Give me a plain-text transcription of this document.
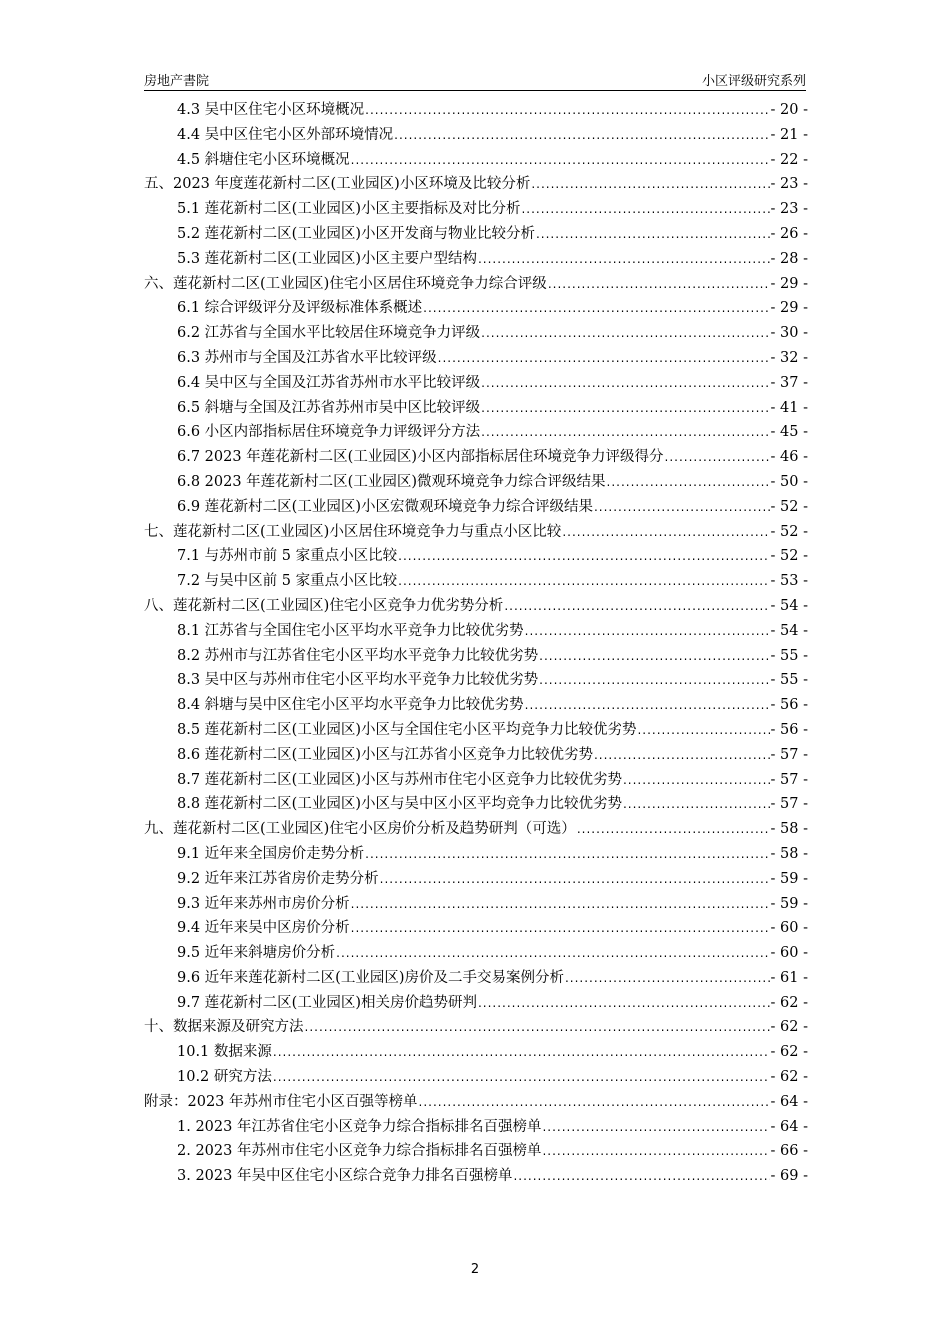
房地产書院	小区评级研究系列
4.3 吴中区住宅小区环境概况 .....	- 20 -
4.4 吴中区住宅小区外部环境情况 .....	- 21 -
4.5 斜塘住宅小区环境概况 .....	- 22 -
五、2023 年度莲花新村二区(工业园区)小区环境及比较分析 .....	- 23 -
5.1 莲花新村二区(工业园区)小区主要指标及对比分析 .....	- 23 -
5.2 莲花新村二区(工业园区)小区开发商与物业比较分析 .....	- 26 -
5.3 莲花新村二区(工业园区)小区主要户型结构 .....	- 28 -
六、莲花新村二区(工业园区)住宅小区居住环境竞争力综合评级 .....	- 29 -
6.1 综合评级评分及评级标准体系概述 .....	- 29 -
6.2 江苏省与全国水平比较居住环境竞争力评级 .....	- 30 -
6.3 苏州市与全国及江苏省水平比较评级 .....	- 32 -
6.4 吴中区与全国及江苏省苏州市水平比较评级 .....	- 37 -
6.5 斜塘与全国及江苏省苏州市吴中区比较评级 .....	- 41 -
6.6 小区内部指标居住环境竞争力评级评分方法 .....	- 45 -
6.7 2023 年莲花新村二区(工业园区)小区内部指标居住环境竞争力评级得分 .....	- 46 -
6.8 2023 年莲花新村二区(工业园区)微观环境竞争力综合评级结果 .....	- 50 -
6.9 莲花新村二区(工业园区)小区宏微观环境竞争力综合评级结果 .....	- 52 -
七、莲花新村二区(工业园区)小区居住环境竞争力与重点小区比较 .....	- 52 -
7.1 与苏州市前 5 家重点小区比较 .....	- 52 -
7.2 与吴中区前 5 家重点小区比较 .....	- 53 -
八、莲花新村二区(工业园区)住宅小区竞争力优劣势分析 .....	- 54 -
8.1 江苏省与全国住宅小区平均水平竞争力比较优劣势 .....	- 54 -
8.2 苏州市与江苏省住宅小区平均水平竞争力比较优劣势 .....	- 55 -
8.3 吴中区与苏州市住宅小区平均水平竞争力比较优劣势 .....	- 55 -
8.4 斜塘与吴中区住宅小区平均水平竞争力比较优劣势 .....	- 56 -
8.5 莲花新村二区(工业园区)小区与全国住宅小区平均竞争力比较优劣势 .....	- 56 -
8.6 莲花新村二区(工业园区)小区与江苏省小区竞争力比较优劣势 .....	- 57 -
8.7 莲花新村二区(工业园区)小区与苏州市住宅小区竞争力比较优劣势 .....	- 57 -
8.8 莲花新村二区(工业园区)小区与吴中区小区平均竞争力比较优劣势 .....	- 57 -
九、莲花新村二区(工业园区)住宅小区房价分析及趋势研判（可选） .....	- 58 -
9.1 近年来全国房价走势分析 .....	- 58 -
9.2 近年来江苏省房价走势分析 .....	- 59 -
9.3 近年来苏州市房价分析 .....	- 59 -
9.4 近年来吴中区房价分析 .....	- 60 -
9.5 近年来斜塘房价分析 .....	- 60 -
9.6 近年来莲花新村二区(工业园区)房价及二手交易案例分析 .....	- 61 -
9.7 莲花新村二区(工业园区)相关房价趋势研判 .....	- 62 -
十、数据来源及研究方法 .....	- 62 -
10.1 数据来源 .....	- 62 -
10.2 研究方法 .....	- 62 -
附录：2023 年苏州市住宅小区百强等榜单 .....	- 64 -
1. 2023 年江苏省住宅小区竞争力综合指标排名百强榜单 .....	- 64 -
2. 2023 年苏州市住宅小区竞争力综合指标排名百强榜单 .....	- 66 -
3. 2023 年吴中区住宅小区综合竞争力排名百强榜单 .....	- 69 -
2
